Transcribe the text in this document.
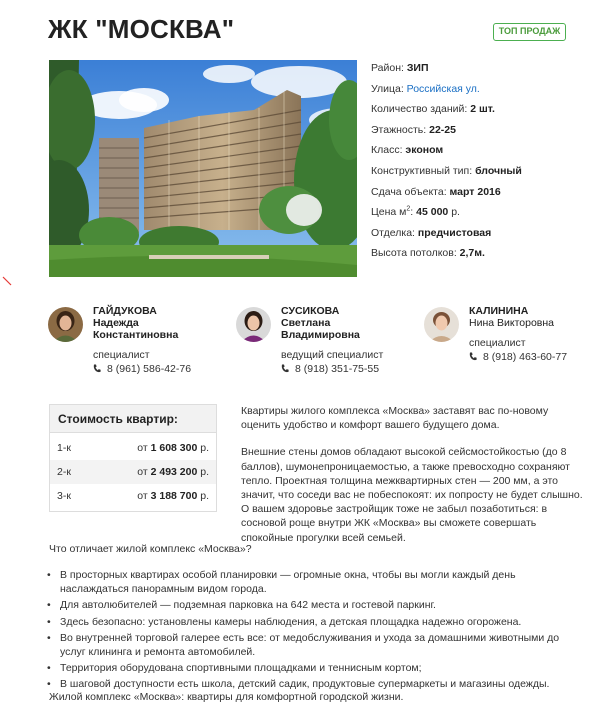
ЖК "МОСКВА"	ТОП ПРОДАЖ
Район: ЗИП
Улица: Российская ул.
Количество зданий: 2 шт.
Этажность: 22-25
Класс: эконом
Конструктивный тип: блочный
Сдача объекта: март 2016
Цена $м^2$: 45 000 р.
Отделка: предчистовая
Высота потолков: 2,7м.
ГАЙДУКОВА
Надежда
Константиновна
специалист
8 (961) 586-42-76
СУСИКОВА
Светлана
Владимировна
ведущий специалист
8 (918) 351-75-55
КАЛИНИНА
Нина Викторовна
специалист
8 (918) 463-60-77
Стоимость квартир:
1-к	от 1 608 300 р.
2-к	от 2 493 200 р.
3-к	от 3 188 700 р.

Квартиры жилого комплекса «Москва» заставят вас по-новому оценить удобство и комфорт вашего будущего дома.

Внешние стены домов обладают высокой сейсмостойкостью (до 8 баллов), шумонепроницаемостью, а также превосходно сохраняют тепло. Проектная толщина межквартирных стен — 200 мм, а это значит, что соседи вас не побеспокоят: их попросту не будет слышно. О вашем здоровье застройщик тоже не забыл позаботиться: в сосновой роще внутри ЖК «Москва» вы сможете совершать спокойные прогулки всей семьей.

Что отличает жилой комплекс «Москва»?
• В просторных квартирах особой планировки — огромные окна, чтобы вы могли каждый день наслаждаться панорамным видом города.
• Для автолюбителей — подземная парковка на 642 места и гостевой паркинг.
• Здесь безопасно: установлены камеры наблюдения, а детская площадка надежно огорожена.
• Во внутренней торговой галерее есть все: от медобслуживания и ухода за домашними животными до услуг клининга и ремонта автомобилей.
• Территория оборудована спортивными площадками и теннисным кортом;
• В шаговой доступности есть школа, детский садик, продуктовые супермаркеты и магазины одежды.
Жилой комплекс «Москва»: квартиры для комфортной городской жизни.
